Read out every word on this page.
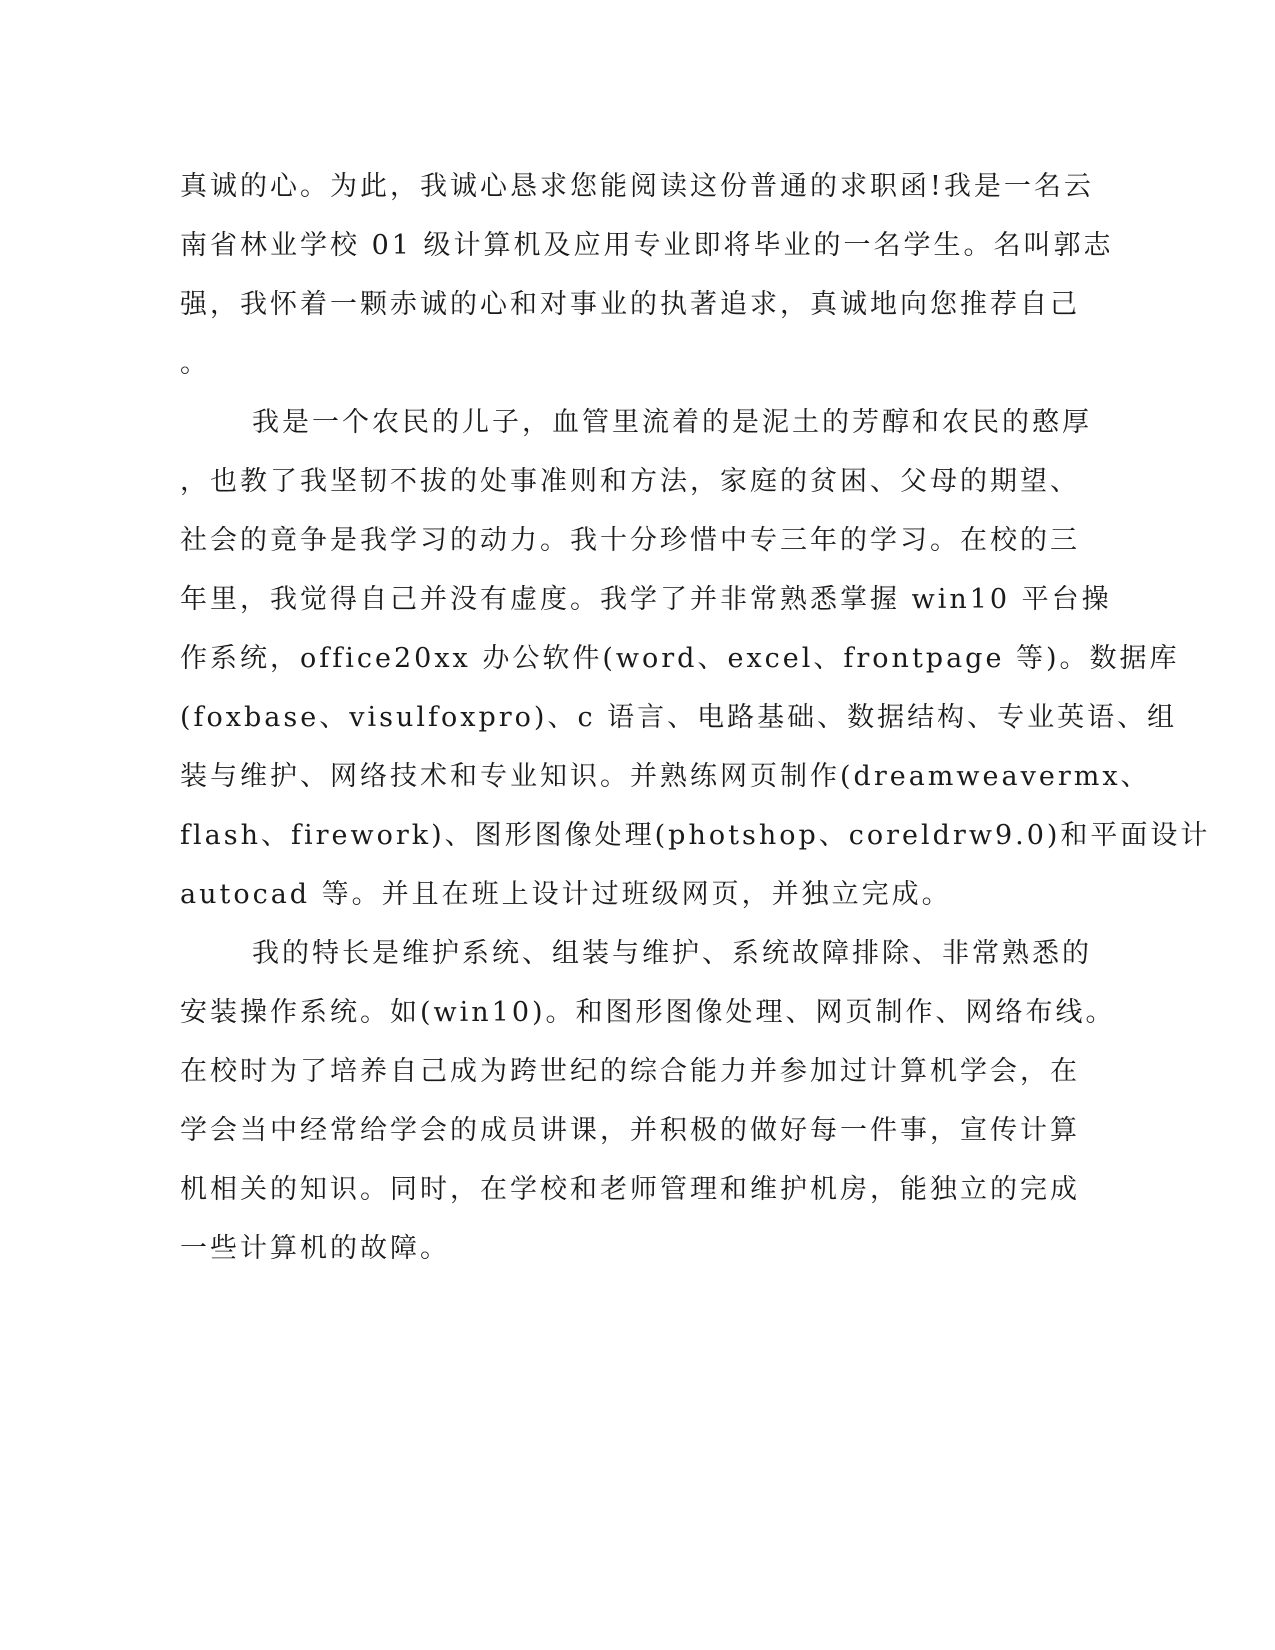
真诚的心。为此，我诚心恳求您能阅读这份普通的求职函!我是一名云
南省林业学校 01 级计算机及应用专业即将毕业的一名学生。名叫郭志
强，我怀着一颗赤诚的心和对事业的执著追求，真诚地向您推荐自己
。
我是一个农民的儿子，血管里流着的是泥土的芳醇和农民的憨厚
，也教了我坚韧不拔的处事准则和方法，家庭的贫困、父母的期望、
社会的竟争是我学习的动力。我十分珍惜中专三年的学习。在校的三
年里，我觉得自己并没有虚度。我学了并非常熟悉掌握 win10 平台操
作系统，office20xx 办公软件(word、excel、frontpage 等)。数据库
(foxbase、visulfoxpro)、c 语言、电路基础、数据结构、专业英语、组
装与维护、网络技术和专业知识。并熟练网页制作(dreamweavermx、
flash、firework)、图形图像处理(photshop、coreldrw9.0)和平面设计
autocad 等。并且在班上设计过班级网页，并独立完成。
我的特长是维护系统、组装与维护、系统故障排除、非常熟悉的
安装操作系统。如(win10)。和图形图像处理、网页制作、网络布线。
在校时为了培养自己成为跨世纪的综合能力并参加过计算机学会，在
学会当中经常给学会的成员讲课，并积极的做好每一件事，宣传计算
机相关的知识。同时，在学校和老师管理和维护机房，能独立的完成
一些计算机的故障。
